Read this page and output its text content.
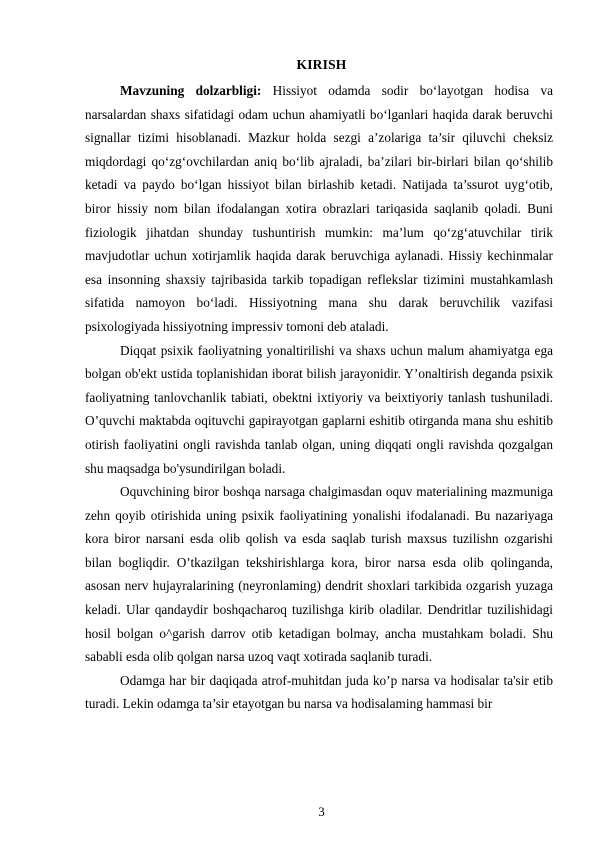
KIRISH

Mavzuning dolzarbligi: Hissiyot odamda sodir bo‘layotgan hodisa va narsalardan shaxs sifatidagi odam uchun ahamiyatli bo‘lganlari haqida darak beruvchi signallar tizimi hisoblanadi. Mazkur holda sezgi a’zolariga ta’sir qiluvchi cheksiz miqdordagi qo‘zg‘ovchilardan aniq bo‘lib ajraladi, ba’zilari bir-birlari bilan qo‘shilib ketadi va paydo bo‘lgan hissiyot bilan birlashib ketadi. Natijada ta’ssurot uyg‘otib, biror hissiy nom bilan ifodalangan xotira obrazlari tariqasida saqlanib qoladi. Buni fiziologik jihatdan shunday tushuntirish mumkin: ma’lum qo‘zg‘atuvchilar tirik mavjudotlar uchun xotirjamlik haqida darak beruvchiga aylanadi. Hissiy kechinmalar esa insonning shaxsiy tajribasida tarkib topadigan reflekslar tizimini mustahkamlash sifatida namoyon bo‘ladi. Hissiyotning mana shu darak beruvchilik vazifasi psixologiyada hissiyotning impressiv tomoni deb ataladi.

Diqqat psixik faoliyatning yonaltirilishi va shaxs uchun malum ahamiyatga ega bolgan ob'ekt ustida toplanishidan iborat bilish jarayonidir. Y’onaltirish deganda psixik faoliyatning tanlovchanlik tabiati, obektni ixtiyoriy va beixtiyoriy tanlash tushuniladi. O’quvchi maktabda oqituvchi gapirayotgan gaplarni eshitib otirganda mana shu eshitib otirish faoliyatini ongli ravishda tanlab olgan, uning diqqati ongli ravishda qozgalgan shu maqsadga bo'ysundirilgan boladi.

Oquvchining biror boshqa narsaga chalgimasdan oquv materialining mazmuniga zehn qoyib otirishida uning psixik faoliyatining yonalishi ifodalanadi. Bu nazariyaga kora biror narsani esda olib qolish va esda saqlab turish maxsus tuzilishn ozgarishi bilan bogliqdir. O’tkazilgan tekshirishlarga kora, biror narsa esda olib qolinganda, asosan nerv hujayralarining (neyronlaming) dendrit shoxlari tarkibida ozgarish yuzaga keladi. Ular qandaydir boshqacharoq tuzilishga kirib oladilar. Dendritlar tuzilishidagi hosil bolgan o^garish darrov otib ketadigan bolmay, ancha mustahkam boladi. Shu sababli esda olib qolgan narsa uzoq vaqt xotirada saqlanib turadi.

Odamga har bir daqiqada atrof-muhitdan juda ko’p narsa va hodisalar ta'sir etib turadi. Lekin odamga ta’sir etayotgan bu narsa va hodisalaming hammasi bir

3
